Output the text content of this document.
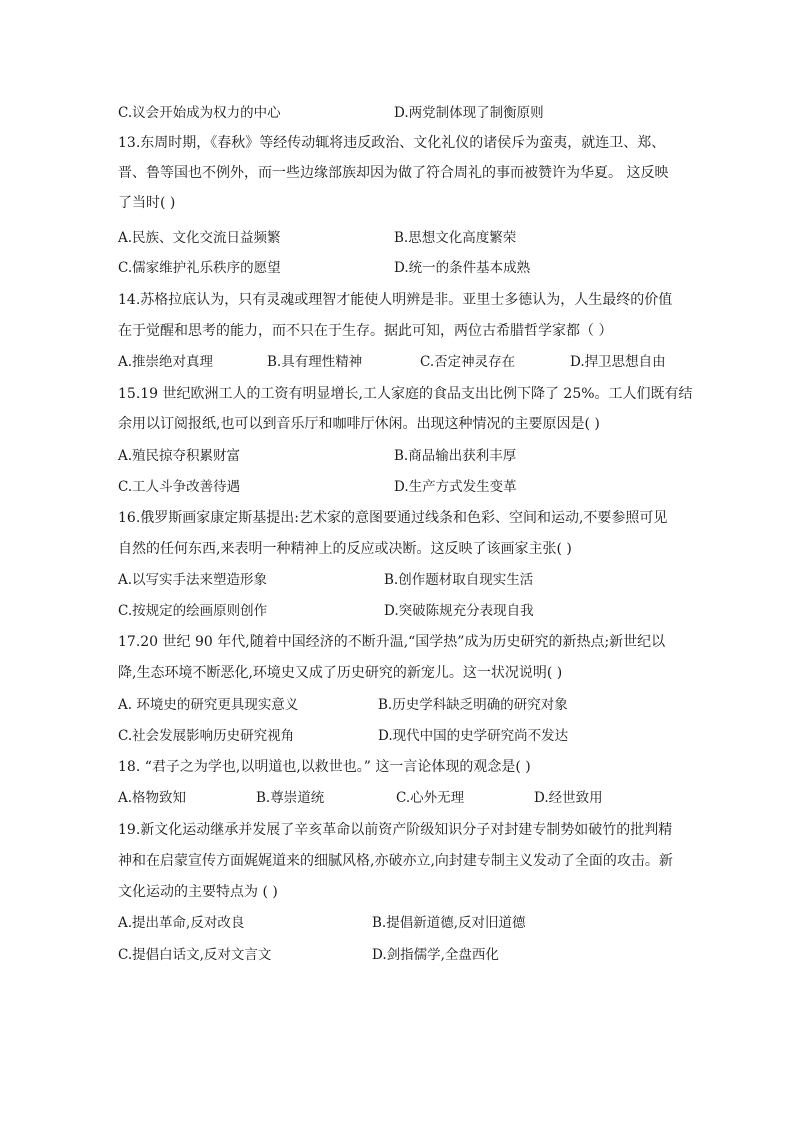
C.议会开始成为权力的中心	D.两党制体现了制衡原则
13.东周时期，《春秋》等经传动辄将违反政治、文化礼仪的诸侯斥为蛮夷，就连卫、郑、
晋、鲁等国也不例外，而一些边缘部族却因为做了符合周礼的事而被赞许为华夏。 这反映
了当时( )
A.民族、文化交流日益频繁	B.思想文化高度繁荣
C.儒家维护礼乐秩序的愿望	D.统一的条件基本成熟
14.苏格拉底认为，只有灵魂或理智才能使人明辨是非。亚里士多德认为，人生最终的价值
在于觉醒和思考的能力，而不只在于生存。据此可知，两位古希腊哲学家都（ ）
A.推崇绝对真理	B.具有理性精神	C.否定神灵存在	D.捍卫思想自由
15.19 世纪欧洲工人的工资有明显增长,工人家庭的食品支出比例下降了 25%。工人们既有结
余用以订阅报纸,也可以到音乐厅和咖啡厅休闲。出现这种情况的主要原因是( )
A.殖民掠夺积累财富	B.商品输出获利丰厚
C.工人斗争改善待遇	D.生产方式发生变革
16.俄罗斯画家康定斯基提出:艺术家的意图要通过线条和色彩、空间和运动,不要参照可见
自然的任何东西,来表明一种精神上的反应或决断。这反映了该画家主张( )
A.以写实手法来塑造形象	B.创作题材取自现实生活
C.按规定的绘画原则创作	D.突破陈规充分表现自我
17.20 世纪 90 年代,随着中国经济的不断升温,“国学热”成为历史研究的新热点;新世纪以
降,生态环境不断恶化,环境史又成了历史研究的新宠儿。这一状况说明( )
A. 环境史的研究更具现实意义	B.历史学科缺乏明确的研究对象
C.社会发展影响历史研究视角	D.现代中国的史学研究尚不发达
18. “君子之为学也,以明道也,以救世也。” 这一言论体现的观念是( )
A.格物致知	B.尊崇道统	C.心外无理	D.经世致用
19.新文化运动继承并发展了辛亥革命以前资产阶级知识分子对封建专制势如破竹的批判精
神和在启蒙宣传方面娓娓道来的细腻风格,亦破亦立,向封建专制主义发动了全面的攻击。新
文化运动的主要特点为 ( )
A.提出革命,反对改良	B.提倡新道德,反对旧道德
C.提倡白话文,反对文言文	D.剑指儒学,全盘西化
